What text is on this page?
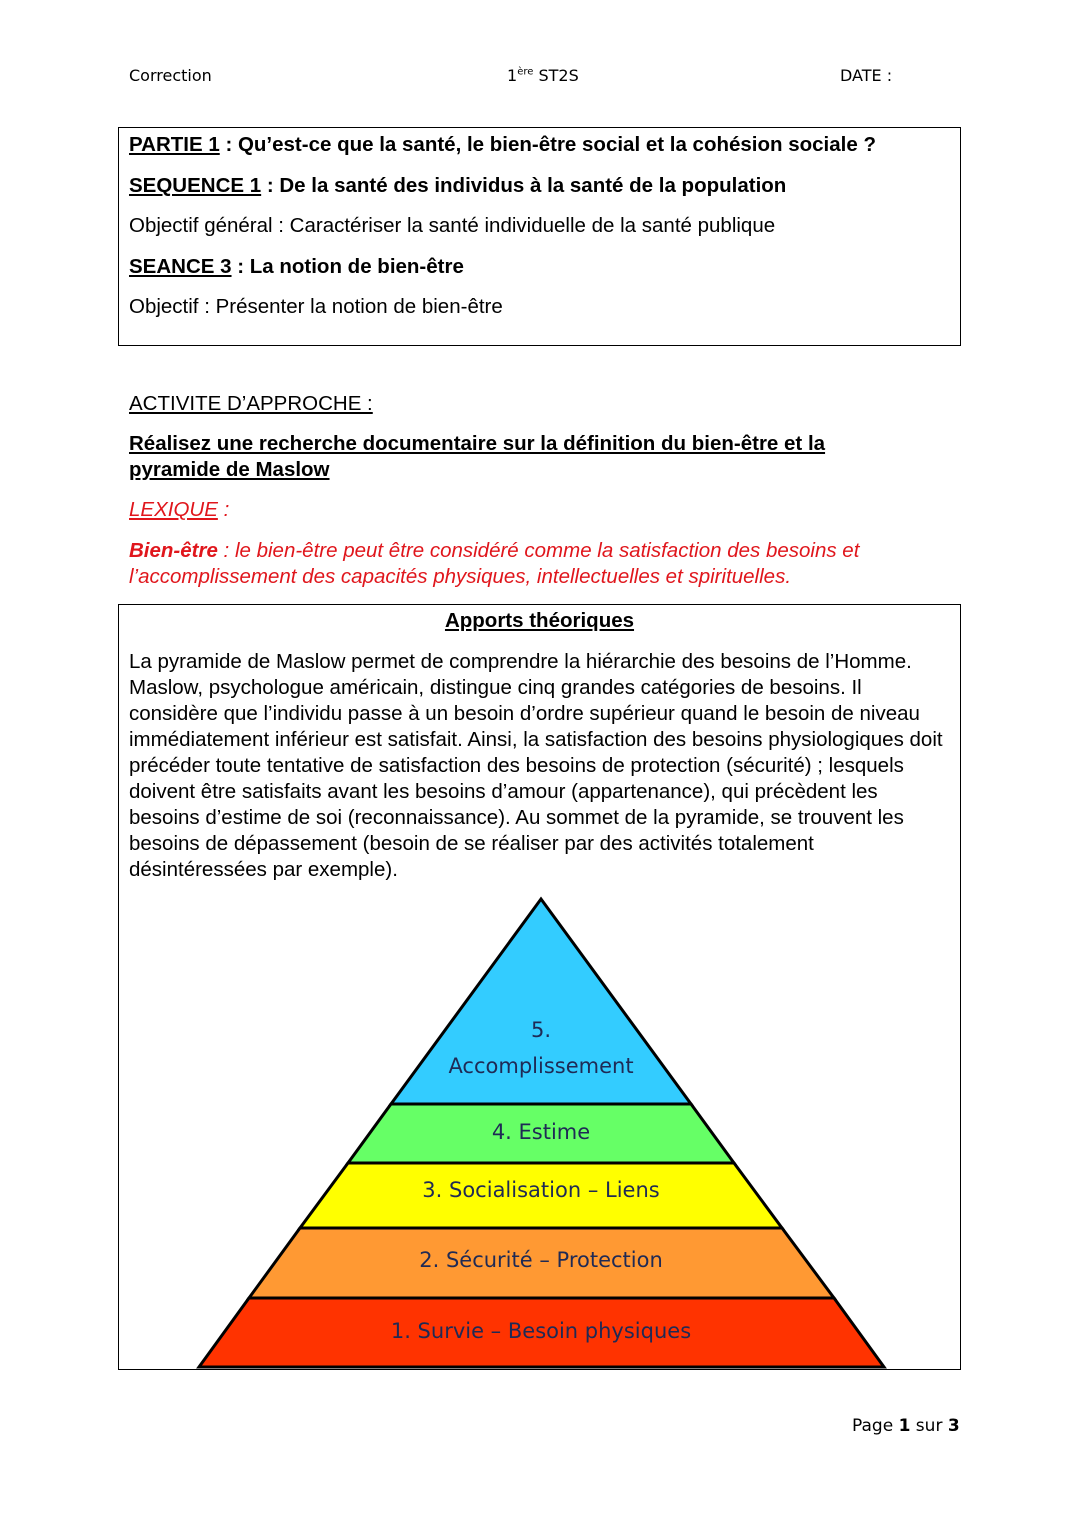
Correction	1ère ST2S	DATE :
PARTIE 1 : Qu’est-ce que la santé, le bien-être social et la cohésion sociale ?
SEQUENCE 1 : De la santé des individus à la santé de la population
Objectif général : Caractériser la santé individuelle de la santé publique
SEANCE 3 : La notion de bien-être
Objectif : Présenter la notion de bien-être
ACTIVITE D’APPROCHE :
Réalisez une recherche documentaire sur la définition du bien-être et la
pyramide de Maslow
LEXIQUE :
Bien-être : le bien-être peut être considéré comme la satisfaction des besoins et
l’accomplissement des capacités physiques, intellectuelles et spirituelles.
Apports théoriques
La pyramide de Maslow permet de comprendre la hiérarchie des besoins de l’Homme. Maslow, psychologue américain, distingue cinq grandes catégories de besoins. Il considère que l’individu passe à un besoin d’ordre supérieur quand le besoin de niveau immédiatement inférieur est satisfait. Ainsi, la satisfaction des besoins physiologiques doit précéder toute tentative de satisfaction des besoins de protection (sécurité) ; lesquels doivent être satisfaits avant les besoins d’amour (appartenance), qui précèdent les besoins d’estime de soi (reconnaissance). Au sommet de la pyramide, se trouvent les besoins de dépassement (besoin de se réaliser par des activités totalement désintéressées par exemple).
5.
Accomplissement
4. Estime
3. Socialisation – Liens
2. Sécurité – Protection
1. Survie – Besoin physiques
Page 1 sur 3
